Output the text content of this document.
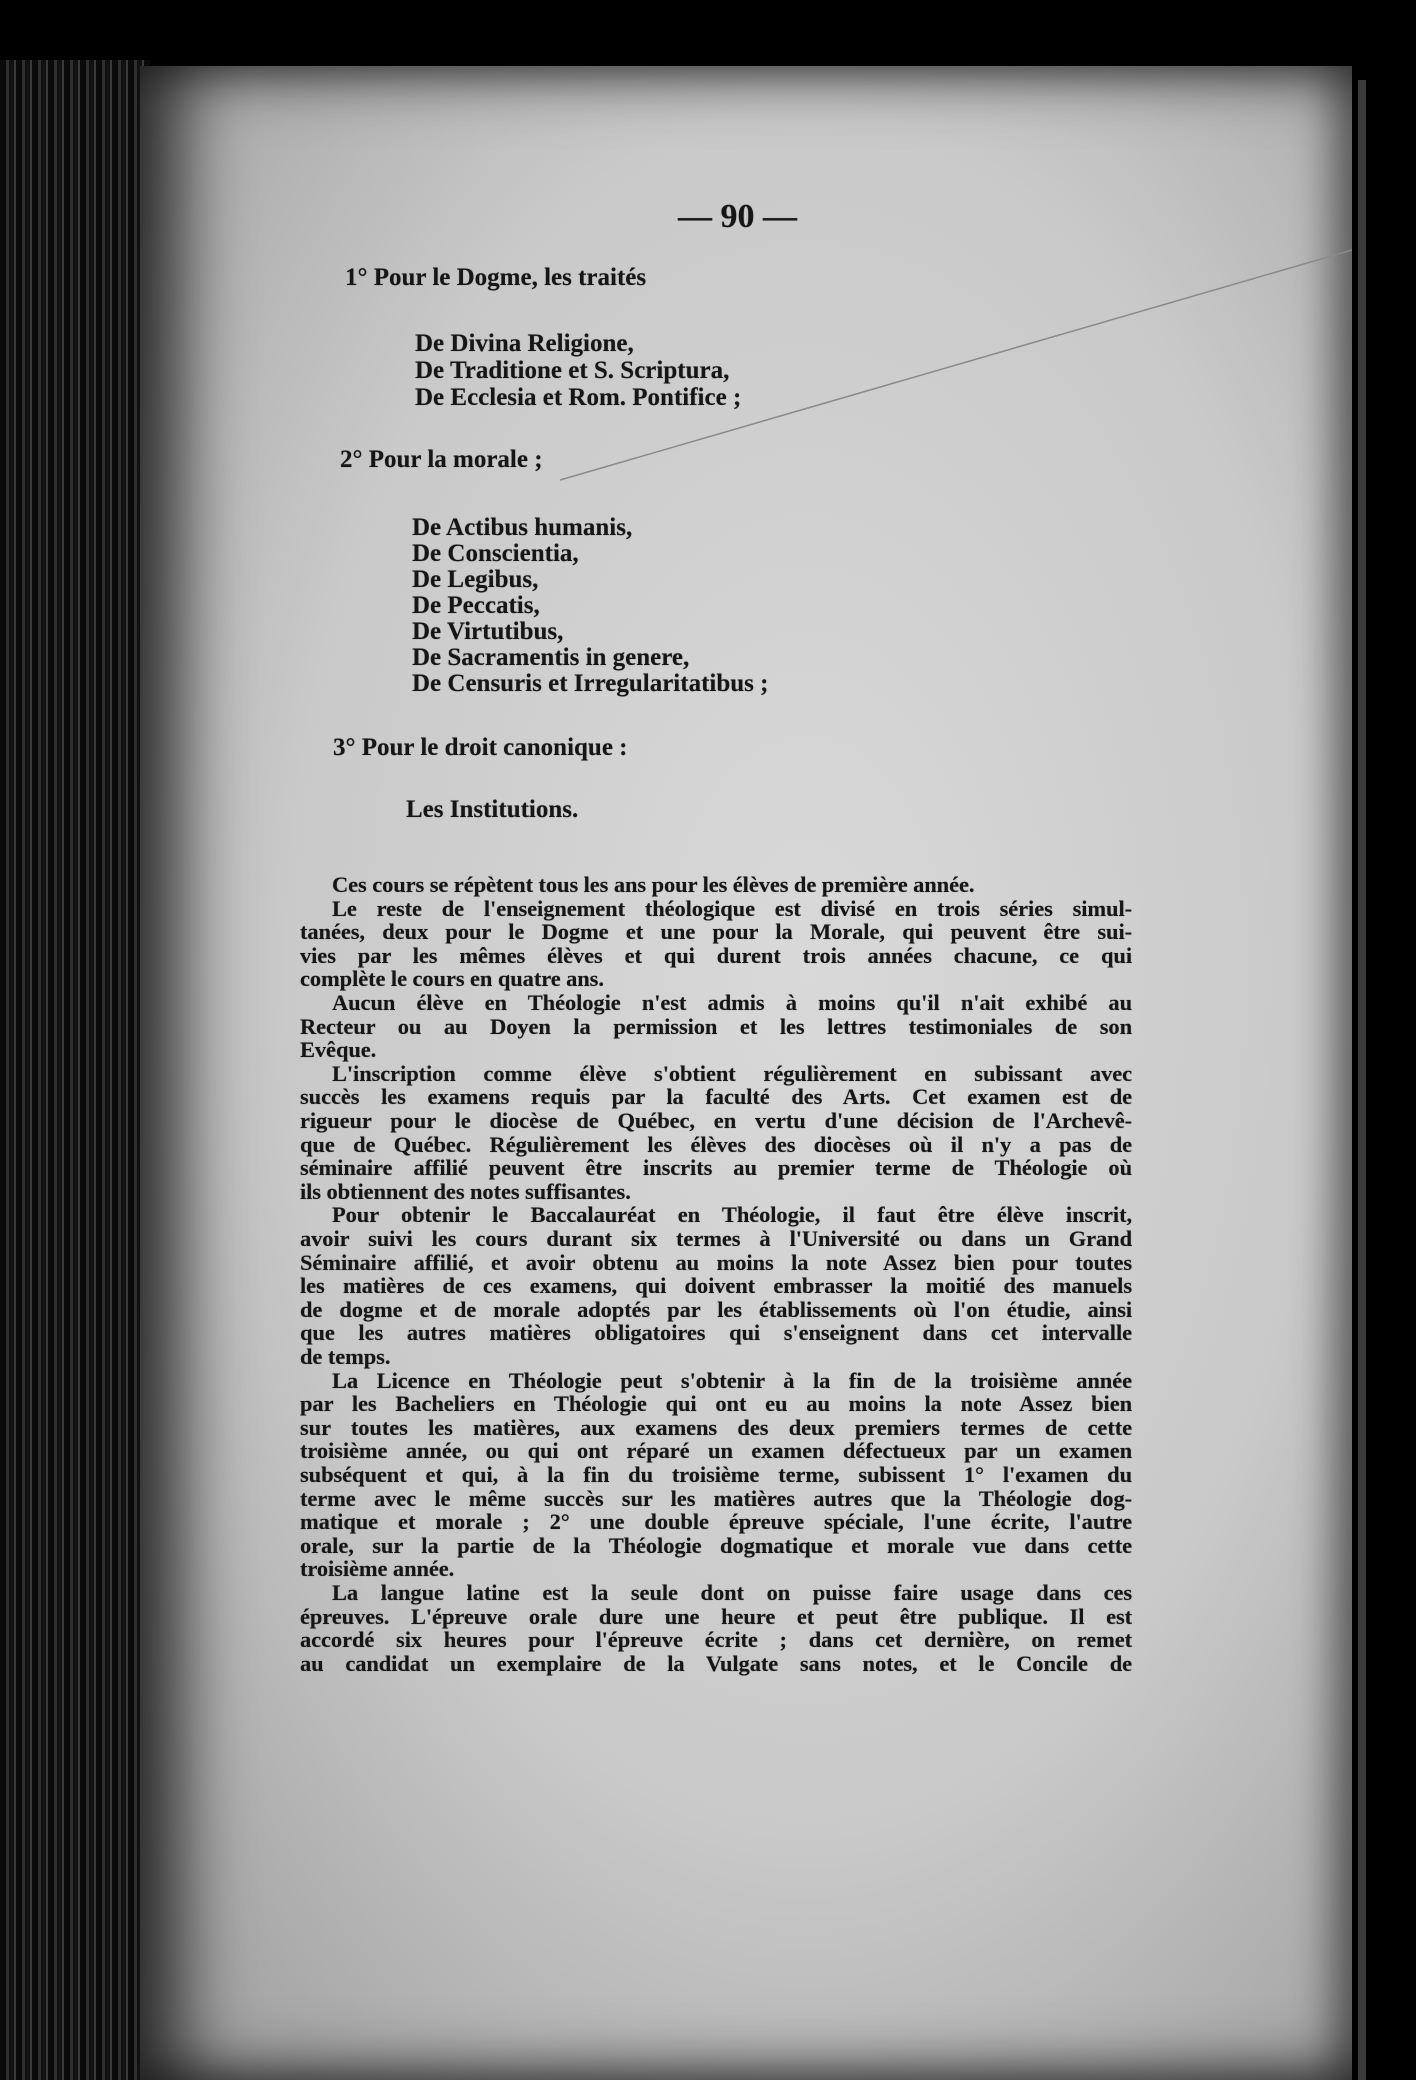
— 90 —
1° Pour le Dogme, les traités
De Divina Religione,
De Traditione et S. Scriptura,
De Ecclesia et Rom. Pontifice ;
2° Pour la morale ;
De Actibus humanis,
De Conscientia,
De Legibus,
De Peccatis,
De Virtutibus,
De Sacramentis in genere,
De Censuris et Irregularitatibus ;
3° Pour le droit canonique :
Les Institutions.
Ces cours se répètent tous les ans pour les élèves de première année.
Le reste de l'enseignement théologique est divisé en trois séries simul-
tanées, deux pour le Dogme et une pour la Morale, qui peuvent être sui-
vies par les mêmes élèves et qui durent trois années chacune, ce qui
complète le cours en quatre ans.
Aucun élève en Théologie n'est admis à moins qu'il n'ait exhibé au
Recteur ou au Doyen la permission et les lettres testimoniales de son
Evêque.
L'inscription comme élève s'obtient régulièrement en subissant avec
succès les examens requis par la faculté des Arts. Cet examen est de
rigueur pour le diocèse de Québec, en vertu d'une décision de l'Archevê-
que de Québec. Régulièrement les élèves des diocèses où il n'y a pas de
séminaire affilié peuvent être inscrits au premier terme de Théologie où
ils obtiennent des notes suffisantes.
Pour obtenir le Baccalauréat en Théologie, il faut être élève inscrit,
avoir suivi les cours durant six termes à l'Université ou dans un Grand
Séminaire affilié, et avoir obtenu au moins la note Assez bien pour toutes
les matières de ces examens, qui doivent embrasser la moitié des manuels
de dogme et de morale adoptés par les établissements où l'on étudie, ainsi
que les autres matières obligatoires qui s'enseignent dans cet intervalle
de temps.
La Licence en Théologie peut s'obtenir à la fin de la troisième année
par les Bacheliers en Théologie qui ont eu au moins la note Assez bien
sur toutes les matières, aux examens des deux premiers termes de cette
troisième année, ou qui ont réparé un examen défectueux par un examen
subséquent et qui, à la fin du troisième terme, subissent 1° l'examen du
terme avec le même succès sur les matières autres que la Théologie dog-
matique et morale ; 2° une double épreuve spéciale, l'une écrite, l'autre
orale, sur la partie de la Théologie dogmatique et morale vue dans cette
troisième année.
La langue latine est la seule dont on puisse faire usage dans ces
épreuves. L'épreuve orale dure une heure et peut être publique. Il est
accordé six heures pour l'épreuve écrite ; dans cet dernière, on remet
au candidat un exemplaire de la Vulgate sans notes, et le Concile de
